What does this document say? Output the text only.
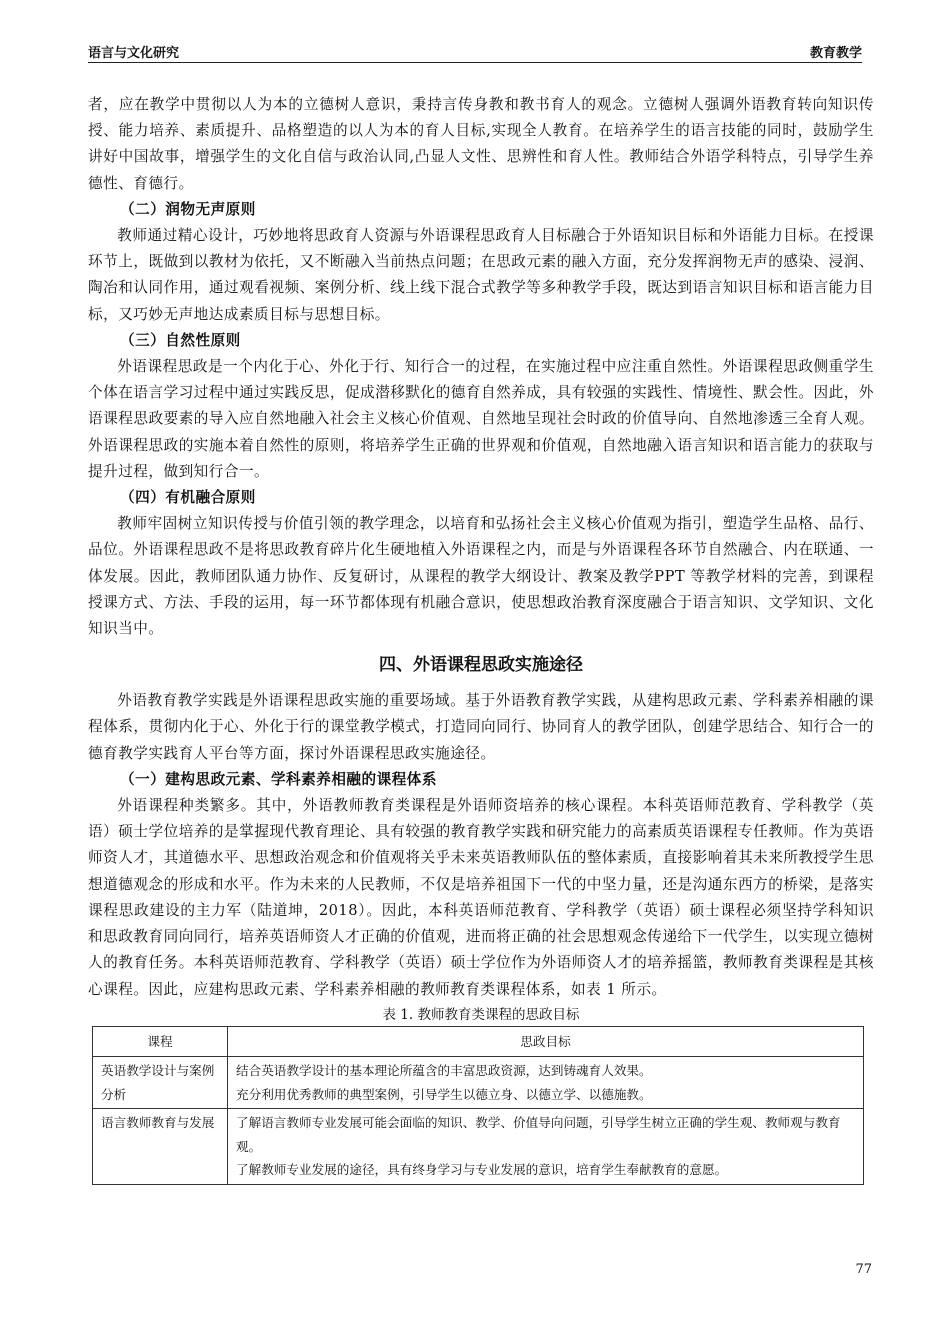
语言与文化研究	教育教学

者，应在教学中贯彻以人为本的立德树人意识，秉持言传身教和教书育人的观念。立德树人强调外语教育转向知识传授、能力培养、素质提升、品格塑造的以人为本的育人目标,实现全人教育。在培养学生的语言技能的同时，鼓励学生讲好中国故事，增强学生的文化自信与政治认同,凸显人文性、思辨性和育人性。教师结合外语学科特点，引导学生养德性、育德行。

（二）润物无声原则

教师通过精心设计，巧妙地将思政育人资源与外语课程思政育人目标融合于外语知识目标和外语能力目标。在授课环节上，既做到以教材为依托，又不断融入当前热点问题；在思政元素的融入方面，充分发挥润物无声的感染、浸润、陶冶和认同作用，通过观看视频、案例分析、线上线下混合式教学等多种教学手段，既达到语言知识目标和语言能力目标，又巧妙无声地达成素质目标与思想目标。

（三）自然性原则

外语课程思政是一个内化于心、外化于行、知行合一的过程，在实施过程中应注重自然性。外语课程思政侧重学生个体在语言学习过程中通过实践反思，促成潜移默化的德育自然养成，具有较强的实践性、情境性、默会性。因此，外语课程思政要素的导入应自然地融入社会主义核心价值观、自然地呈现社会时政的价值导向、自然地渗透三全育人观。外语课程思政的实施本着自然性的原则，将培养学生正确的世界观和价值观，自然地融入语言知识和语言能力的获取与提升过程，做到知行合一。

（四）有机融合原则

教师牢固树立知识传授与价值引领的教学理念，以培育和弘扬社会主义核心价值观为指引，塑造学生品格、品行、品位。外语课程思政不是将思政教育碎片化生硬地植入外语课程之内，而是与外语课程各环节自然融合、内在联通、一体发展。因此，教师团队通力协作、反复研讨，从课程的教学大纲设计、教案及教学PPT 等教学材料的完善，到课程授课方式、方法、手段的运用，每一环节都体现有机融合意识，使思想政治教育深度融合于语言知识、文学知识、文化知识当中。

四、外语课程思政实施途径

外语教育教学实践是外语课程思政实施的重要场域。基于外语教育教学实践，从建构思政元素、学科素养相融的课程体系，贯彻内化于心、外化于行的课堂教学模式，打造同向同行、协同育人的教学团队，创建学思结合、知行合一的德育教学实践育人平台等方面，探讨外语课程思政实施途径。

（一）建构思政元素、学科素养相融的课程体系

外语课程种类繁多。其中，外语教师教育类课程是外语师资培养的核心课程。本科英语师范教育、学科教学（英语）硕士学位培养的是掌握现代教育理论、具有较强的教育教学实践和研究能力的高素质英语课程专任教师。作为英语师资人才，其道德水平、思想政治观念和价值观将关乎未来英语教师队伍的整体素质，直接影响着其未来所教授学生思想道德观念的形成和水平。作为未来的人民教师，不仅是培养祖国下一代的中坚力量，还是沟通东西方的桥梁，是落实课程思政建设的主力军（陆道坤，2018）。因此，本科英语师范教育、学科教学（英语）硕士课程必须坚持学科知识和思政教育同向同行，培养英语师资人才正确的价值观，进而将正确的社会思想观念传递给下一代学生，以实现立德树人的教育任务。本科英语师范教育、学科教学（英语）硕士学位作为外语师资人才的培养摇篮，教师教育类课程是其核心课程。因此，应建构思政元素、学科素养相融的教师教育类课程体系，如表 1 所示。

表 1. 教师教育类课程的思政目标
课程	思政目标
英语教学设计与案例分析	结合英语教学设计的基本理论所蕴含的丰富思政资源，达到铸魂育人效果。
充分利用优秀教师的典型案例，引导学生以德立身、以德立学、以德施教。

语言教师教育与发展	了解语言教师专业发展可能会面临的知识、教学、价值导向问题，引导学生树立正确的学生观、教师观与教育观。
了解教师专业发展的途径，具有终身学习与专业发展的意识，培育学生奉献教育的意愿。
77
